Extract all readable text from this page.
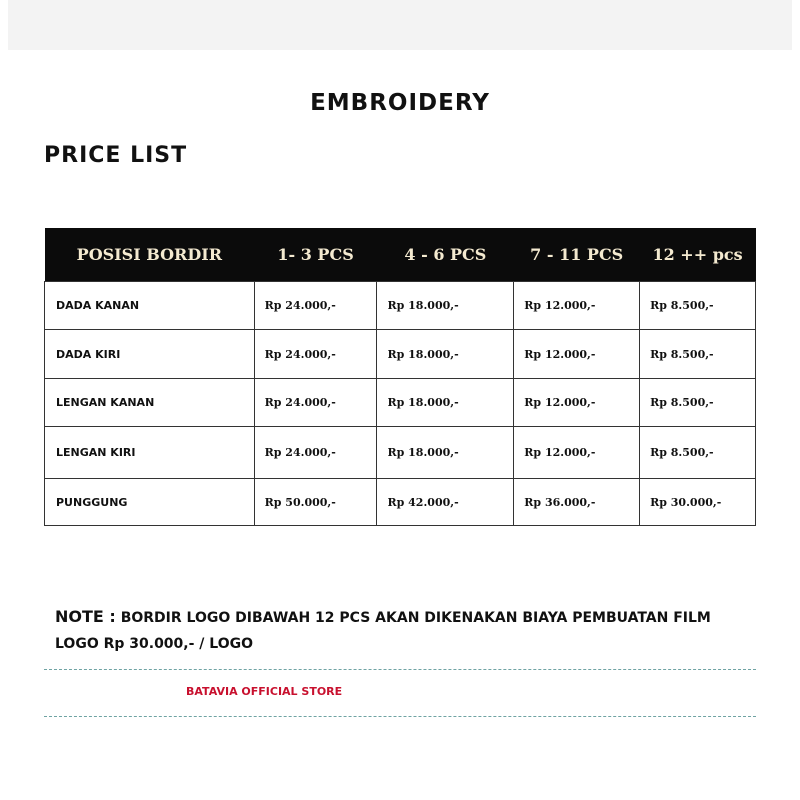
EMBROIDERY
PRICE LIST
POSISI BORDIR	1- 3 PCS	4 - 6 PCS	7 - 11 PCS	12 ++ pcs
DADA KANAN	Rp 24.000,-	Rp 18.000,-	Rp 12.000,-	Rp 8.500,-
DADA KIRI	Rp 24.000,-	Rp 18.000,-	Rp 12.000,-	Rp 8.500,-
LENGAN KANAN	Rp 24.000,-	Rp 18.000,-	Rp 12.000,-	Rp 8.500,-
LENGAN KIRI	Rp 24.000,-	Rp 18.000,-	Rp 12.000,-	Rp 8.500,-
PUNGGUNG	Rp 50.000,-	Rp 42.000,-	Rp 36.000,-	Rp 30.000,-
NOTE : BORDIR LOGO DIBAWAH 12 PCS AKAN DIKENAKAN BIAYA PEMBUATAN FILM LOGO Rp 30.000,- / LOGO
BATAVIA OFFICIAL STORE
